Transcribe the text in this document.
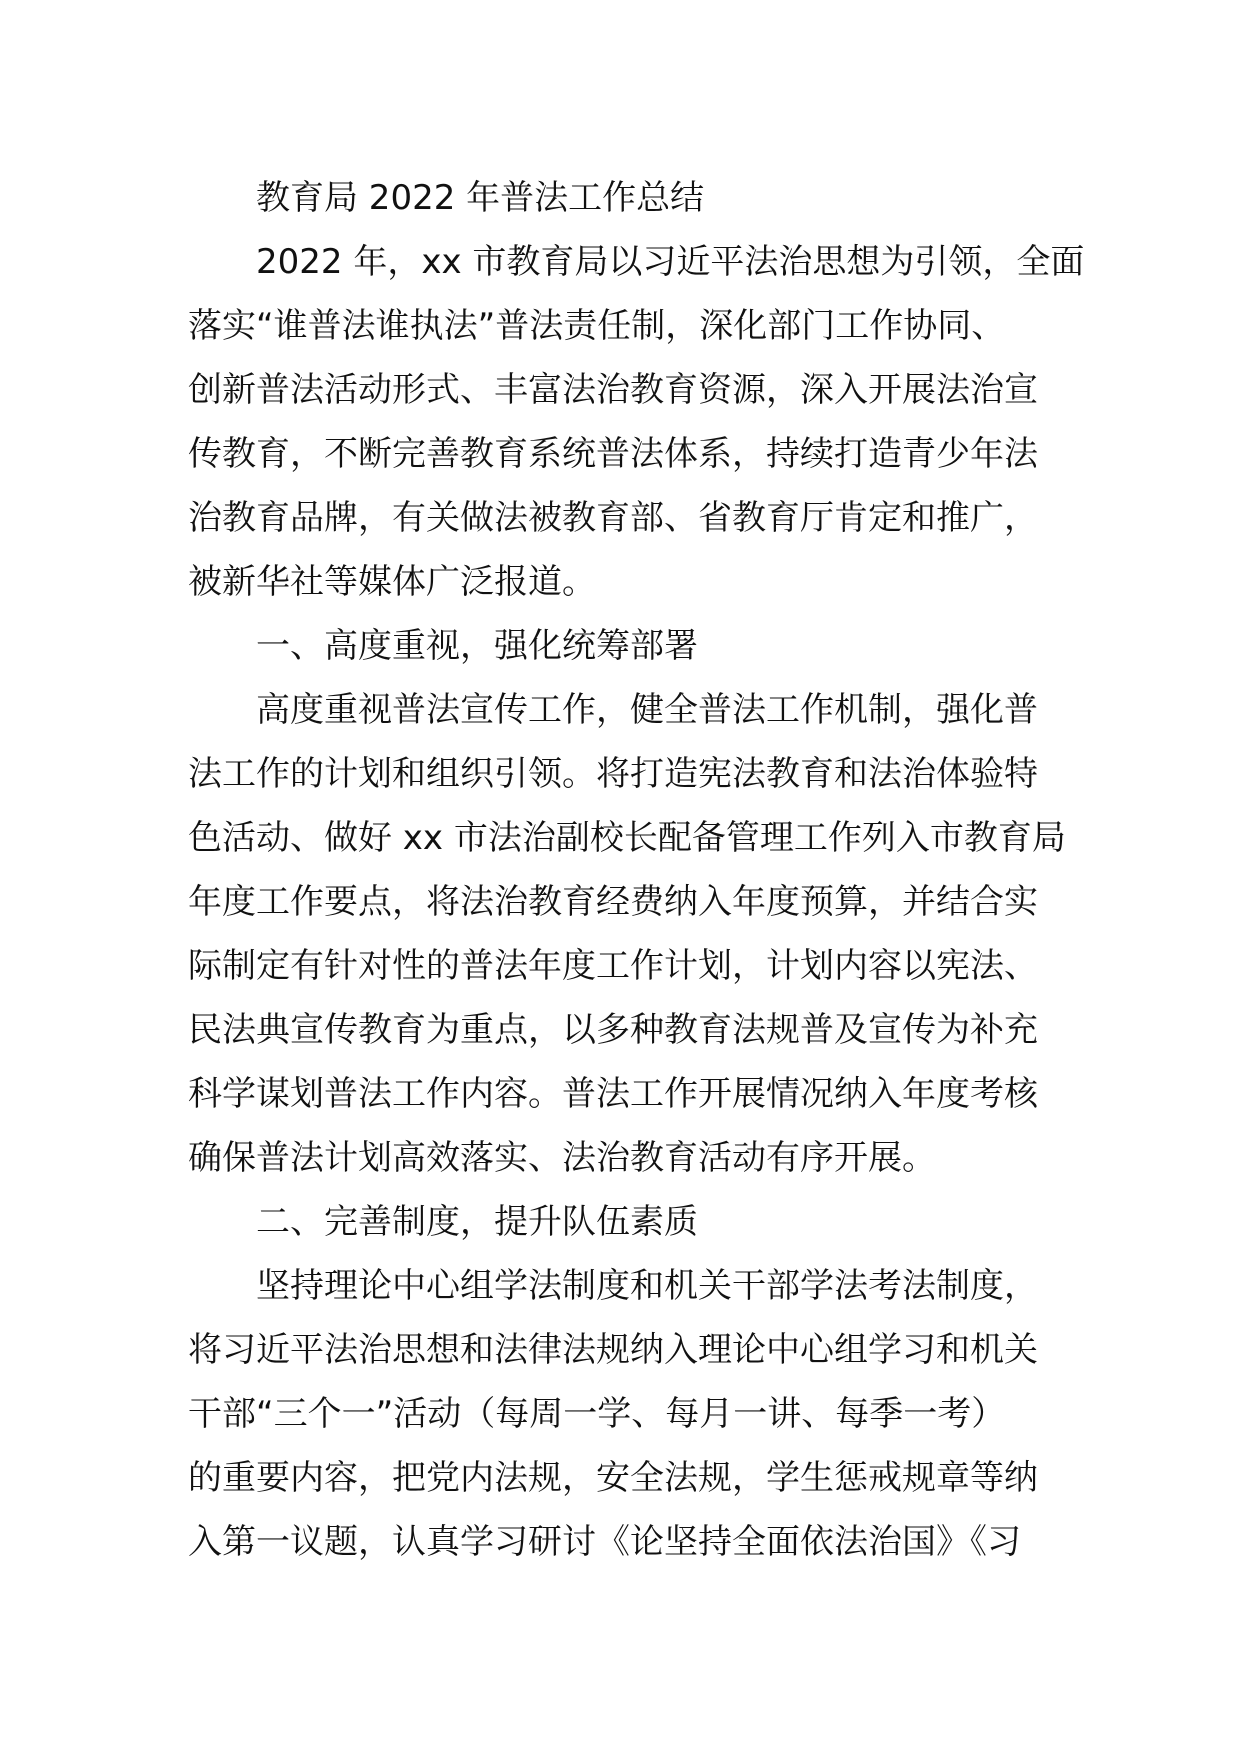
教育局 2022 年普法工作总结
2022 年，xx 市教育局以习近平法治思想为引领，全面
落实“谁普法谁执法”普法责任制，深化部门工作协同、
创新普法活动形式、丰富法治教育资源，深入开展法治宣
传教育，不断完善教育系统普法体系，持续打造青少年法
治教育品牌，有关做法被教育部、省教育厅肯定和推广，
被新华社等媒体广泛报道。
一、高度重视，强化统筹部署
高度重视普法宣传工作，健全普法工作机制，强化普
法工作的计划和组织引领。将打造宪法教育和法治体验特
色活动、做好 xx 市法治副校长配备管理工作列入市教育局
年度工作要点，将法治教育经费纳入年度预算，并结合实
际制定有针对性的普法年度工作计划，计划内容以宪法、
民法典宣传教育为重点，以多种教育法规普及宣传为补充
科学谋划普法工作内容。普法工作开展情况纳入年度考核
确保普法计划高效落实、法治教育活动有序开展。
二、完善制度，提升队伍素质
坚持理论中心组学法制度和机关干部学法考法制度，
将习近平法治思想和法律法规纳入理论中心组学习和机关
干部“三个一”活动（每周一学、每月一讲、每季一考）
的重要内容，把党内法规，安全法规，学生惩戒规章等纳
入第一议题，认真学习研讨《论坚持全面依法治国》《习
